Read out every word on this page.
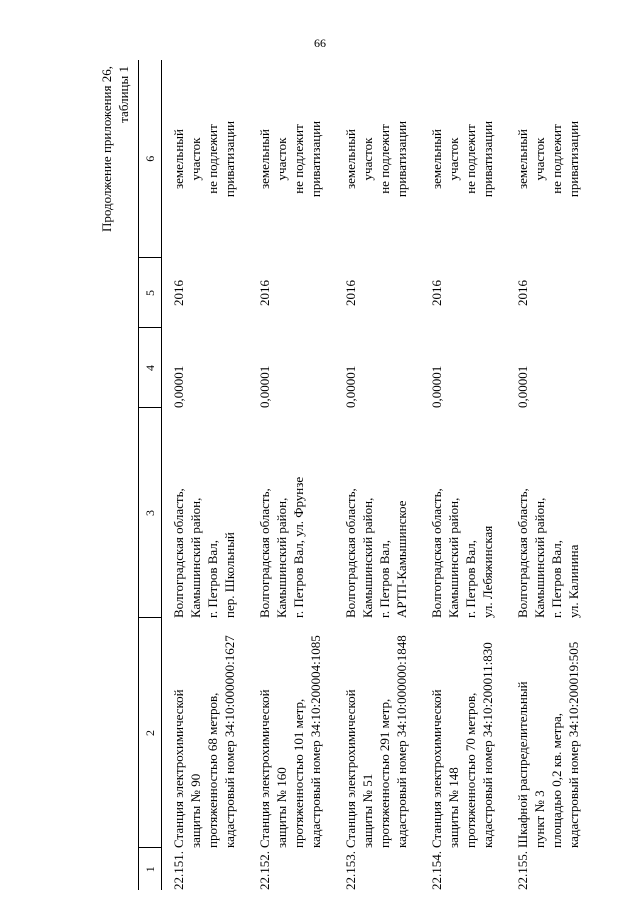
66
Продолжение приложения 26, таблицы 1
1	2	3	4	5	6
22.151.	Станция электрохимической защиты № 90 протяженностью 68 метров, кадастровый номер 34:10:000000:1627	Волгоградская область, Камышинский район, г. Петров Вал, пер. Школьный	0,00001	2016	земельный участок не подлежит приватизации

22.152.	Станция электрохимической защиты № 160 протяженностью 101 метр, кадастровый номер 34:10:200004:1085	Волгоградская область, Камышинский район, г. Петров Вал, ул. Фрунзе	0,00001	2016	земельный участок не подлежит приватизации

22.153.	Станция электрохимической защиты № 51 протяженностью 291 метр, кадастровый номер 34:10:000000:1848	Волгоградская область, Камышинский район, г. Петров Вал, АРТП-Камышинское	0,00001	2016	земельный участок не подлежит приватизации

22.154.	Станция электрохимической защиты № 148 протяженностью 70 метров, кадастровый номер 34:10:200011:830	Волгоградская область, Камышинский район, г. Петров Вал, ул. Лебяжинская	0,00001	2016	земельный участок не подлежит приватизации

22.155.	Шкафной распределительный пункт № 3 площадью 0,2 кв. метра, кадастровый номер 34:10:200019:505	Волгоградская область, Камышинский район, г. Петров Вал, ул. Калинина	0,00001	2016	земельный участок не подлежит приватизации
